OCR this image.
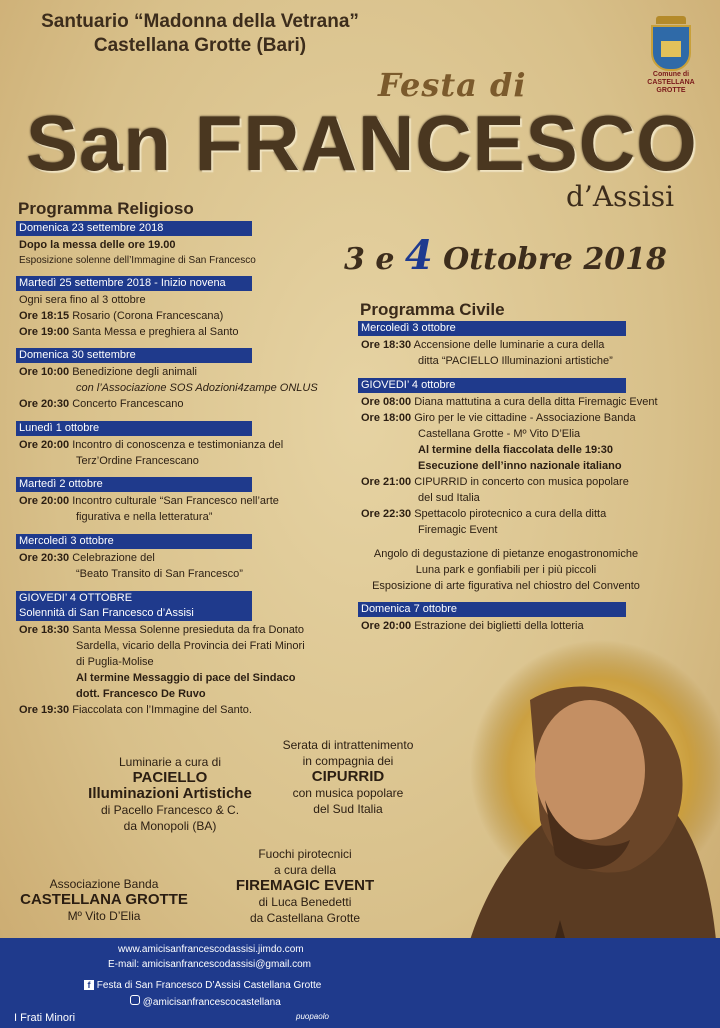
Santuario “Madonna della Vetrana”
Castellana Grotte (Bari)
Comune di
CASTELLANA GROTTE
Festa di
San FRANCESCO
d’Assisi
3 e 4 Ottobre 2018
Programma Religioso
Domenica 23 settembre 2018
Dopo la messa delle ore 19.00
Esposizione solenne dell’Immagine di San Francesco
Martedì 25 settembre 2018 - Inizio novena
Ogni sera fino al 3 ottobre
Ore 18:15 Rosario (Corona Francescana)
Ore 19:00 Santa Messa e preghiera al Santo
Domenica 30 settembre
Ore 10:00 Benedizione degli animali
con l’Associazione SOS Adozioni4zampe ONLUS
Ore 20:30 Concerto Francescano
Lunedì 1 ottobre
Ore 20:00 Incontro di conoscenza e testimonianza del
Terz’Ordine Francescano
Martedì 2 ottobre
Ore 20:00 Incontro culturale “San Francesco nell’arte
figurativa e nella letteratura”
Mercoledì 3 ottobre
Ore 20:30 Celebrazione del
“Beato Transito di San Francesco”
GIOVEDI’ 4 OTTOBRE
Solennità di San Francesco d’Assisi
Ore 18:30 Santa Messa Solenne presieduta da fra Donato
Sardella, vicario della Provincia dei Frati Minori
di Puglia-Molise
Al termine Messaggio di pace del Sindaco
dott. Francesco De Ruvo
Ore 19:30 Fiaccolata con l’Immagine del Santo.
Programma Civile
Mercoledì 3 ottobre
Ore 18:30 Accensione delle luminarie a cura della
ditta “PACIELLO Illuminazioni artistiche”
GIOVEDI’ 4 ottobre
Ore 08:00 Diana mattutina a cura della ditta Firemagic Event
Ore 18:00 Giro per le vie cittadine - Associazione Banda
Castellana Grotte - Mº Vito D’Elia
Al termine della fiaccolata delle 19:30
Esecuzione dell’inno nazionale italiano
Ore 21:00 CIPURRID in concerto con musica popolare
del sud Italia
Ore 22:30 Spettacolo pirotecnico a cura della ditta
Firemagic Event
Angolo di degustazione di pietanze enogastronomiche
Luna park e gonfiabili per i più piccoli
Esposizione di arte figurativa nel chiostro del Convento
Domenica 7 ottobre
Ore 20:00 Estrazione dei biglietti della lotteria
Luminarie a cura di
PACIELLO
Illuminazioni Artistiche
di Pacello Francesco & C.
da Monopoli (BA)
Serata di intrattenimento
in compagnia dei
CIPURRID
con musica popolare
del Sud Italia
Fuochi pirotecnici
a cura della
FIREMAGIC EVENT
di Luca Benedetti
da Castellana Grotte
Associazione Banda
CASTELLANA GROTTE
Mº Vito D’Elia
www.amicisanfrancescodassisi.jimdo.com
E-mail: amicisanfrancescodassisi@gmail.com
f Festa di San Francesco D’Assisi Castellana Grotte
@amicisanfrancescocastellana
I Frati Minori	puopaolo
